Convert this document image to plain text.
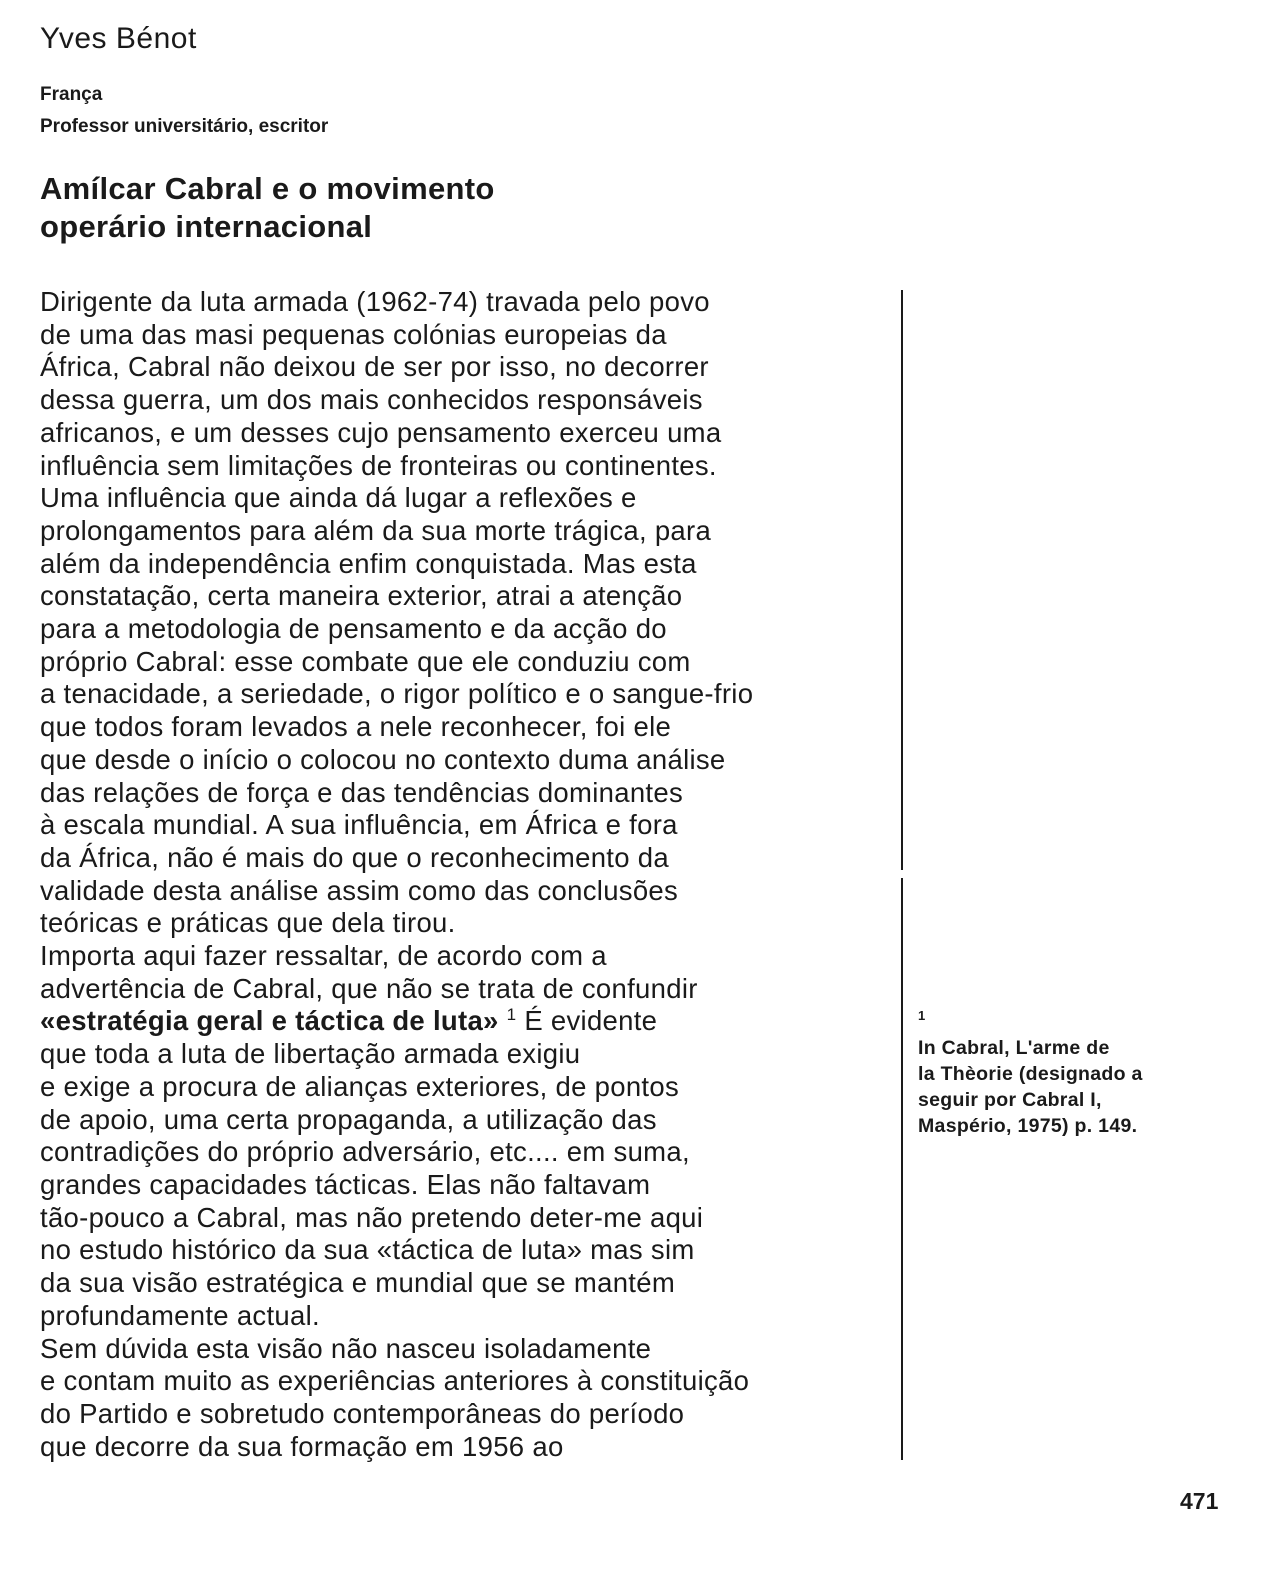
Yves Bénot

França

Professor universitário, escritor

Amílcar Cabral e o movimento
operário internacional
Dirigente da luta armada (1962-74) travada pelo povo
de uma das masi pequenas colónias europeias da
África, Cabral não deixou de ser por isso, no decorrer
dessa guerra, um dos mais conhecidos responsáveis
africanos, e um desses cujo pensamento exerceu uma
influência sem limitações de fronteiras ou continentes.
Uma influência que ainda dá lugar a reflexões e
prolongamentos para além da sua morte trágica, para
além da independência enfim conquistada. Mas esta
constatação, certa maneira exterior, atrai a atenção
para a metodologia de pensamento e da acção do
próprio Cabral: esse combate que ele conduziu com
a tenacidade, a seriedade, o rigor político e o sangue-frio
que todos foram levados a nele reconhecer, foi ele
que desde o início o colocou no contexto duma análise
das relações de força e das tendências dominantes
à escala mundial. A sua influência, em África e fora
da África, não é mais do que o reconhecimento da
validade desta análise assim como das conclusões
teóricas e práticas que dela tirou.
Importa aqui fazer ressaltar, de acordo com a
advertência de Cabral, que não se trata de confundir
«estratégia geral e táctica de luta» $^1$ É evidente
que toda a luta de libertação armada exigiu
e exige a procura de alianças exteriores, de pontos
de apoio, uma certa propaganda, a utilização das
contradições do próprio adversário, etc.... em suma,
grandes capacidades tácticas. Elas não faltavam
tão-pouco a Cabral, mas não pretendo deter-me aqui
no estudo histórico da sua «táctica de luta» mas sim
da sua visão estratégica e mundial que se mantém
profundamente actual.
Sem dúvida esta visão não nasceu isoladamente
e contam muito as experiências anteriores à constituição
do Partido e sobretudo contemporâneas do período
que decorre da sua formação em 1956 ao
$^1$
In Cabral, L'arme de
la Thèorie (designado a
seguir por Cabral I,
Maspério, 1975) p. 149.

471
